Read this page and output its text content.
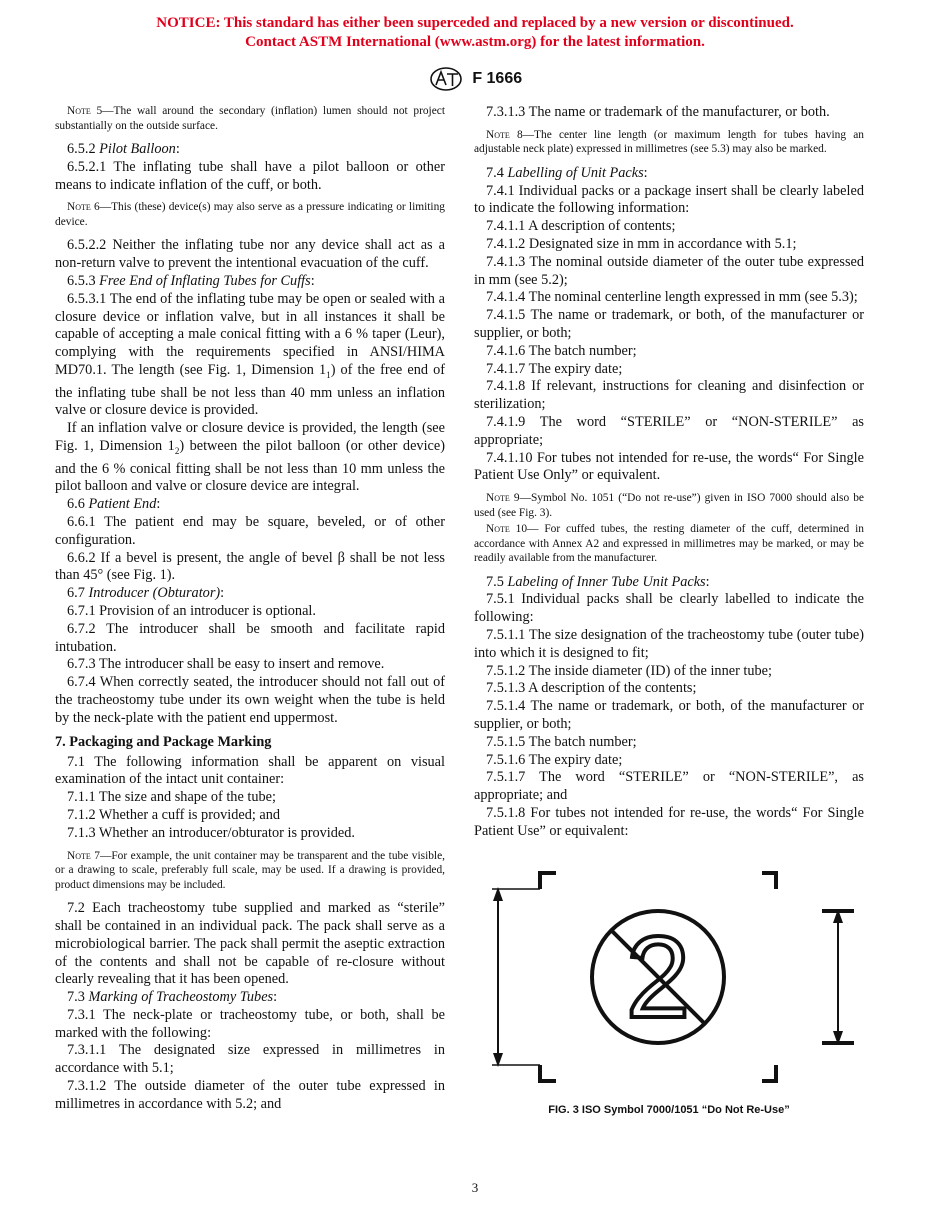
NOTICE: This standard has either been superceded and replaced by a new version or discontinued.
Contact ASTM International (www.astm.org) for the latest information.
F 1666

Note 5—The wall around the secondary (inflation) lumen should not project substantially on the outside surface.

6.5.2 Pilot Balloon:

6.5.2.1 The inflating tube shall have a pilot balloon or other means to indicate inflation of the cuff, or both.

Note 6—This (these) device(s) may also serve as a pressure indicating or limiting device.

6.5.2.2 Neither the inflating tube nor any device shall act as a non-return valve to prevent the intentional evacuation of the cuff.

6.5.3 Free End of Inflating Tubes for Cuffs:

6.5.3.1 The end of the inflating tube may be open or sealed with a closure device or inflation valve, but in all instances it shall be capable of accepting a male conical fitting with a 6 % taper (Leur), complying with the requirements specified in ANSI/HIMA MD70.1. The length (see Fig. 1, Dimension $1_1$) of the free end of the inflating tube shall be not less than 40 mm unless an inflation valve or closure device is provided.

If an inflation valve or closure device is provided, the length (see Fig. 1, Dimension $1_2$) between the pilot balloon (or other device) and the 6 % conical fitting shall be not less than 10 mm unless the pilot balloon and valve or closure device are integral.

6.6 Patient End:

6.6.1 The patient end may be square, beveled, or of other configuration.

6.6.2 If a bevel is present, the angle of bevel β shall be not less than 45° (see Fig. 1).

6.7 Introducer (Obturator):

6.7.1 Provision of an introducer is optional.

6.7.2 The introducer shall be smooth and facilitate rapid intubation.

6.7.3 The introducer shall be easy to insert and remove.

6.7.4 When correctly seated, the introducer should not fall out of the tracheostomy tube under its own weight when the tube is held by the neck-plate with the patient end uppermost.

7. Packaging and Package Marking

7.1 The following information shall be apparent on visual examination of the intact unit container:

7.1.1 The size and shape of the tube;

7.1.2 Whether a cuff is provided; and

7.1.3 Whether an introducer/obturator is provided.

Note 7—For example, the unit container may be transparent and the tube visible, or a drawing to scale, preferably full scale, may be used. If a drawing is provided, product dimensions may be included.

7.2 Each tracheostomy tube supplied and marked as “sterile” shall be contained in an individual pack. The pack shall serve as a microbiological barrier. The pack shall permit the aseptic extraction of the contents and shall not be capable of re-closure without clearly revealing that it has been opened.

7.3 Marking of Tracheostomy Tubes:

7.3.1 The neck-plate or tracheostomy tube, or both, shall be marked with the following:

7.3.1.1 The designated size expressed in millimetres in accordance with 5.1;

7.3.1.2 The outside diameter of the outer tube expressed in millimetres in accordance with 5.2; and

7.3.1.3 The name or trademark of the manufacturer, or both.

Note 8—The center line length (or maximum length for tubes having an adjustable neck plate) expressed in millimetres (see 5.3) may also be marked.

7.4 Labelling of Unit Packs:

7.4.1 Individual packs or a package insert shall be clearly labeled to indicate the following information:

7.4.1.1 A description of contents;

7.4.1.2 Designated size in mm in accordance with 5.1;

7.4.1.3 The nominal outside diameter of the outer tube expressed in mm (see 5.2);

7.4.1.4 The nominal centerline length expressed in mm (see 5.3);

7.4.1.5 The name or trademark, or both, of the manufacturer or supplier, or both;

7.4.1.6 The batch number;

7.4.1.7 The expiry date;

7.4.1.8 If relevant, instructions for cleaning and disinfection or sterilization;

7.4.1.9 The word “STERILE” or “NON-STERILE” as appropriate;

7.4.1.10 For tubes not intended for re-use, the words“ For Single Patient Use Only” or equivalent.

Note 9—Symbol No. 1051 (“Do not re-use”) given in ISO 7000 should also be used (see Fig. 3).

Note 10— For cuffed tubes, the resting diameter of the cuff, determined in accordance with Annex A2 and expressed in millimetres may be marked, or may be readily available from the manufacturer.

7.5 Labeling of Inner Tube Unit Packs:

7.5.1 Individual packs shall be clearly labelled to indicate the following:

7.5.1.1 The size designation of the tracheostomy tube (outer tube) into which it is designed to fit;

7.5.1.2 The inside diameter (ID) of the inner tube;

7.5.1.3 A description of the contents;

7.5.1.4 The name or trademark, or both, of the manufacturer or supplier, or both;

7.5.1.5 The batch number;

7.5.1.6 The expiry date;

7.5.1.7 The word “STERILE” or “NON-STERILE”, as appropriate; and

7.5.1.8 For tubes not intended for re-use, the words“ For Single Patient Use” or equivalent:

2
FIG. 3 ISO Symbol 7000/1051 “Do Not Re-Use”
3
